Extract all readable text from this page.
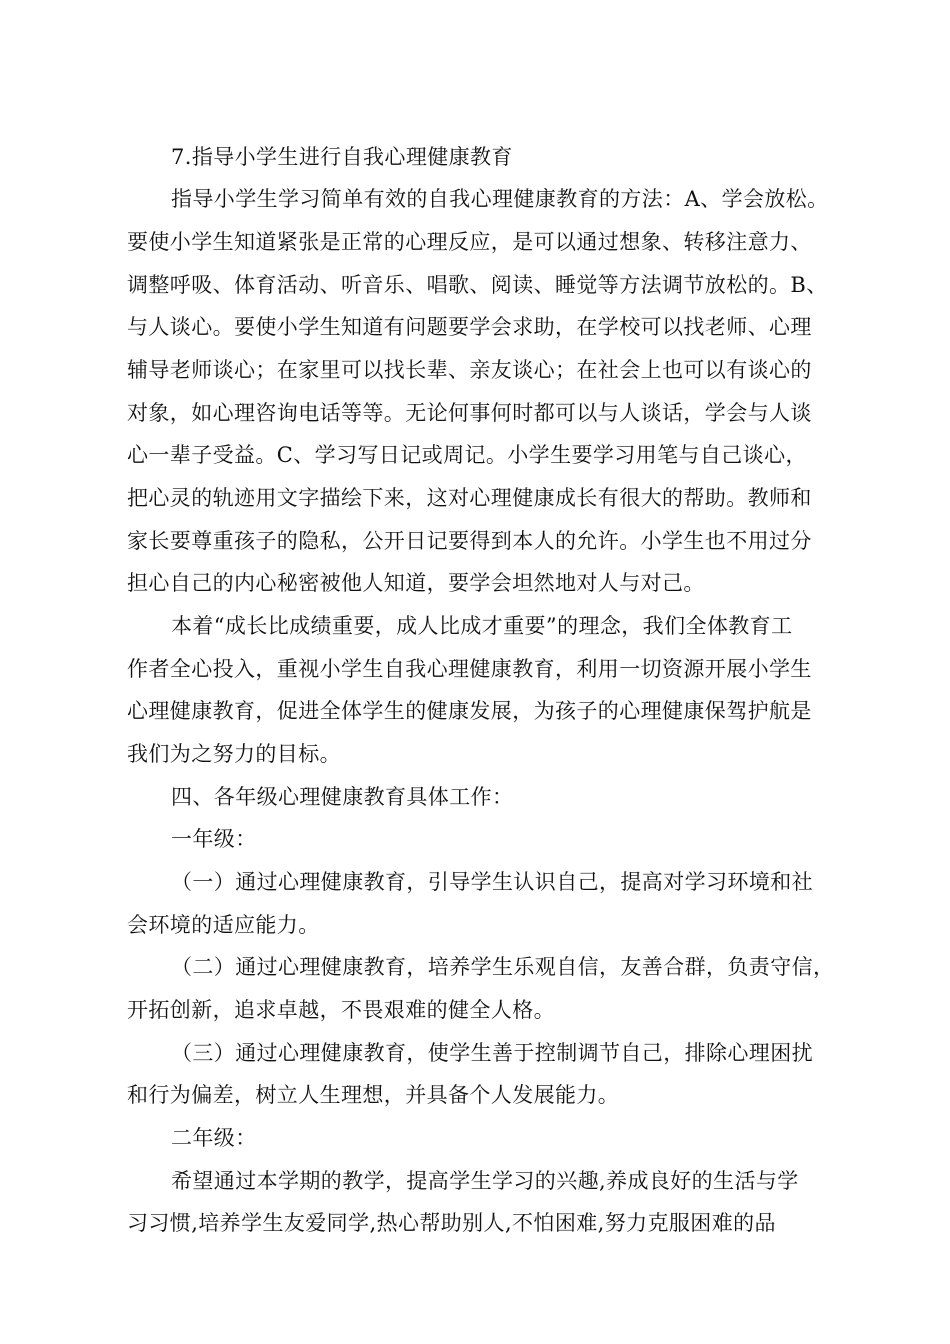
7.指导小学生进行自我心理健康教育
指导小学生学习简单有效的自我心理健康教育的方法：A、学会放松。
要使小学生知道紧张是正常的心理反应，是可以通过想象、转移注意力、
调整呼吸、体育活动、听音乐、唱歌、阅读、睡觉等方法调节放松的。B、
与人谈心。要使小学生知道有问题要学会求助，在学校可以找老师、心理
辅导老师谈心；在家里可以找长辈、亲友谈心；在社会上也可以有谈心的
对象，如心理咨询电话等等。无论何事何时都可以与人谈话，学会与人谈
心一辈子受益。C、学习写日记或周记。小学生要学习用笔与自己谈心，
把心灵的轨迹用文字描绘下来，这对心理健康成长有很大的帮助。教师和
家长要尊重孩子的隐私，公开日记要得到本人的允许。小学生也不用过分
担心自己的内心秘密被他人知道，要学会坦然地对人与对己。
本着“成长比成绩重要，成人比成才重要”的理念，我们全体教育工
作者全心投入，重视小学生自我心理健康教育，利用一切资源开展小学生
心理健康教育，促进全体学生的健康发展，为孩子的心理健康保驾护航是
我们为之努力的目标。
四、各年级心理健康教育具体工作：
一年级：
（一）通过心理健康教育，引导学生认识自己，提高对学习环境和社
会环境的适应能力。
（二）通过心理健康教育，培养学生乐观自信，友善合群，负责守信，
开拓创新，追求卓越，不畏艰难的健全人格。
（三）通过心理健康教育，使学生善于控制调节自己，排除心理困扰
和行为偏差，树立人生理想，并具备个人发展能力。
二年级：
希望通过本学期的教学，提高学生学习的兴趣,养成良好的生活与学
习习惯,培养学生友爱同学,热心帮助别人,不怕困难,努力克服困难的品
